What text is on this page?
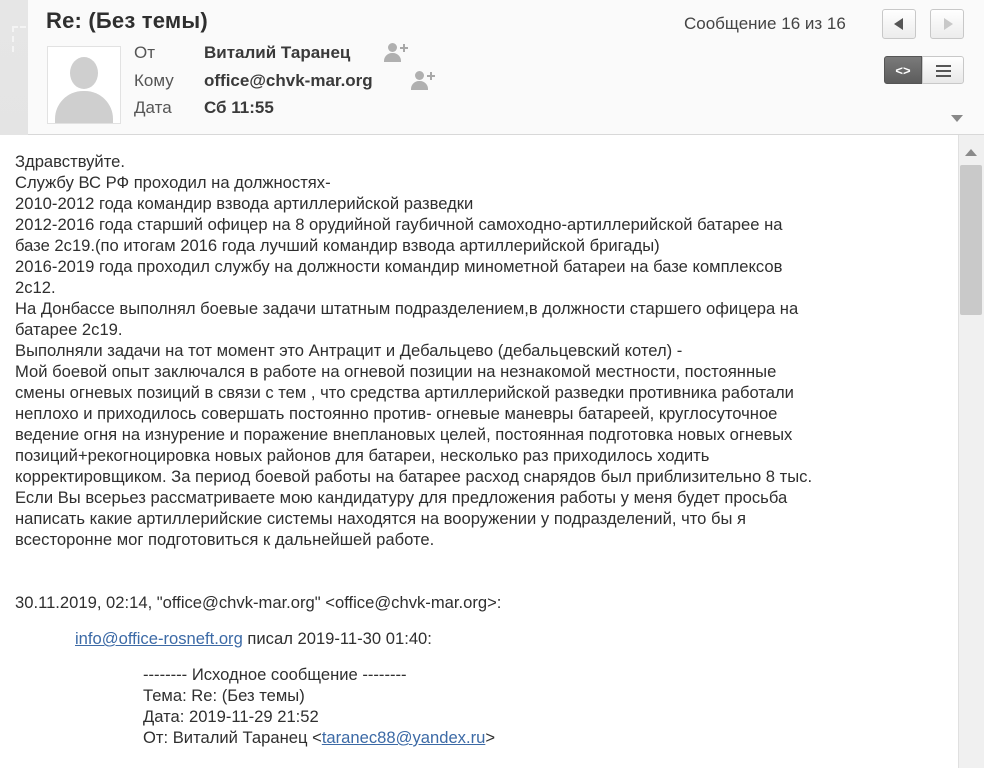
Re: (Без темы)	Сообщение 16 из 16
От	Виталий Таранец
Кому office@chvk-mar.org
Дата Сб 11:55
<>
Здравствуйте.
Службу ВС РФ проходил на должностях-
2010-2012 года командир взвода артиллерийской разведки
2012-2016 года старший офицер на 8 орудийной гаубичной самоходно-артиллерийской батарее на
базе 2с19.(по итогам 2016 года лучший командир взвода артиллерийской бригады)
2016-2019 года проходил службу на должности командир минометной батареи на базе комплексов
2с12.
На Донбассе выполнял боевые задачи штатным подразделением,в должности старшего офицера на
батарее 2с19.
Выполняли задачи на тот момент это Антрацит и Дебальцево (дебальцевский котел) -
Мой боевой опыт заключался в работе на огневой позиции на незнакомой местности, постоянные
смены огневых позиций в связи с тем , что средства артиллерийской разведки противника работали
неплохо и приходилось совершать постоянно против- огневые маневры батареей, круглосуточное
ведение огня на изнурение и поражение внеплановых целей, постоянная подготовка новых огневых
позиций+рекогноцировка новых районов для батареи, несколько раз приходилось ходить
корректировщиком. За период боевой работы на батарее расход снарядов был приблизительно 8 тыс.
Если Вы всерьез рассматриваете мою кандидатуру для предложения работы у меня будет просьба
написать какие артиллерийские системы находятся на вооружении у подразделений, что бы я
всесторонне мог подготовиться к дальнейшей работе.
30.11.2019, 02:14, "office@chvk-mar.org" <office@chvk-mar.org>:
info@office-rosneft.org писал 2019-11-30 01:40:
-------- Исходное сообщение --------
Тема: Re: (Без темы)
Дата: 2019-11-29 21:52
От: Виталий Таранец <taranec88@yandex.ru>
